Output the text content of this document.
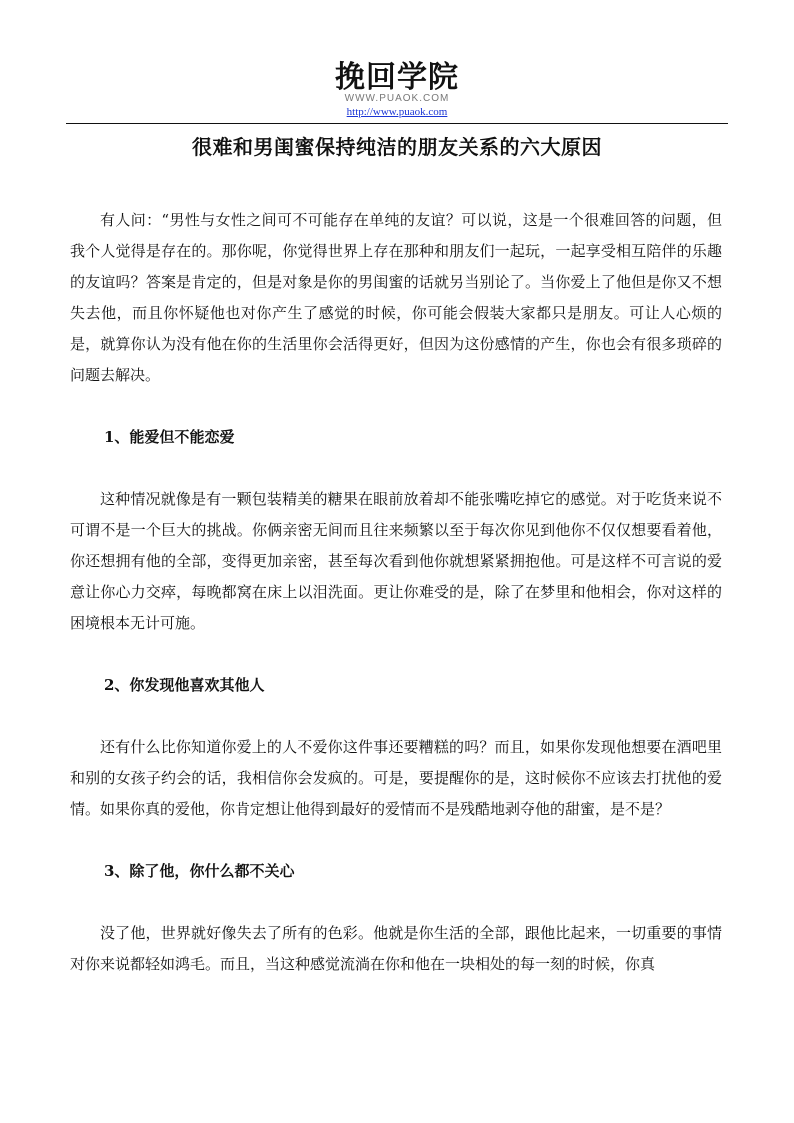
挽回学院
WWW.PUAOK.COM
http://www.puaok.com
很难和男闺蜜保持纯洁的朋友关系的六大原因

有人问：“男性与女性之间可不可能存在单纯的友谊？可以说，这是一个很难回答的问题，但我个人觉得是存在的。那你呢，你觉得世界上存在那种和朋友们一起玩，一起享受相互陪伴的乐趣的友谊吗？答案是肯定的，但是对象是你的男闺蜜的话就另当别论了。当你爱上了他但是你又不想失去他，而且你怀疑他也对你产生了感觉的时候，你可能会假装大家都只是朋友。可让人心烦的是，就算你认为没有他在你的生活里你会活得更好，但因为这份感情的产生，你也会有很多琐碎的问题去解决。

1、能爱但不能恋爱

这种情况就像是有一颗包装精美的糖果在眼前放着却不能张嘴吃掉它的感觉。对于吃货来说不可谓不是一个巨大的挑战。你俩亲密无间而且往来频繁以至于每次你见到他你不仅仅想要看着他，你还想拥有他的全部，变得更加亲密，甚至每次看到他你就想紧紧拥抱他。可是这样不可言说的爱意让你心力交瘁，每晚都窝在床上以泪洗面。更让你难受的是，除了在梦里和他相会，你对这样的困境根本无计可施。

2、你发现他喜欢其他人

还有什么比你知道你爱上的人不爱你这件事还要糟糕的吗？而且，如果你发现他想要在酒吧里和别的女孩子约会的话，我相信你会发疯的。可是，要提醒你的是，这时候你不应该去打扰他的爱情。如果你真的爱他，你肯定想让他得到最好的爱情而不是残酷地剥夺他的甜蜜，是不是？

3、除了他，你什么都不关心

没了他，世界就好像失去了所有的色彩。他就是你生活的全部，跟他比起来，一切重要的事情对你来说都轻如鸿毛。而且，当这种感觉流淌在你和他在一块相处的每一刻的时候，你真
